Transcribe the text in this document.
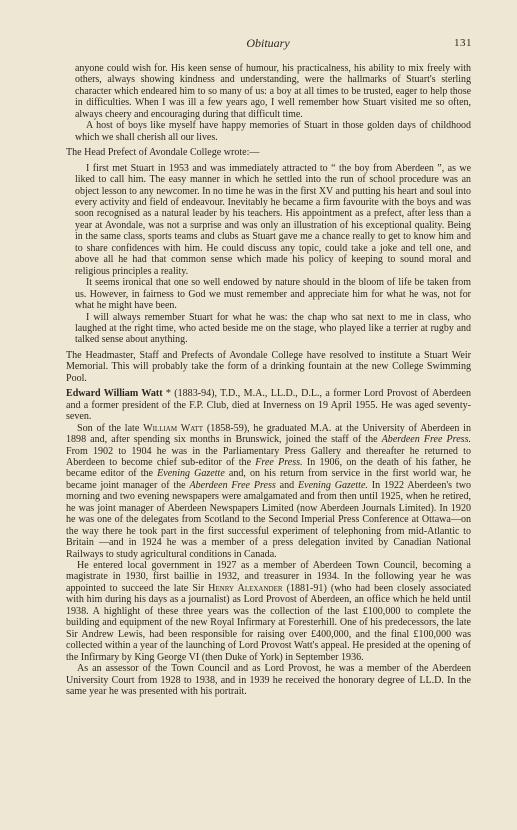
Obituary	131

anyone could wish for. His keen sense of humour, his practicalness, his ability to mix freely with others, always showing kindness and understanding, were the hallmarks of Stuart's sterling character which endeared him to so many of us: a boy at all times to be trusted, eager to help those in difficulties. When I was ill a few years ago, I well remember how Stuart visited me so often, always cheery and encouraging during that difficult time.

A host of boys like myself have happy memories of Stuart in those golden days of childhood which we shall cherish all our lives.

The Head Prefect of Avondale College wrote:—

I first met Stuart in 1953 and was immediately attracted to “ the boy from Aberdeen ”, as we liked to call him. The easy manner in which he settled into the run of school procedure was an object lesson to any newcomer. In no time he was in the first XV and putting his heart and soul into every activity and field of endeavour. Inevitably he became a firm favourite with the boys and was soon recognised as a natural leader by his teachers. His appointment as a prefect, after less than a year at Avondale, was not a surprise and was only an illustration of his exceptional quality. Being in the same class, sports teams and clubs as Stuart gave me a chance really to get to know him and to share confidences with him. He could discuss any topic, could take a joke and tell one, and above all he had that common sense which made his policy of keeping to sound moral and religious principles a reality.

It seems ironical that one so well endowed by nature should in the bloom of life be taken from us. However, in fairness to God we must remember and appreciate him for what he was, not for what he might have been.

I will always remember Stuart for what he was: the chap who sat next to me in class, who laughed at the right time, who acted beside me on the stage, who played like a terrier at rugby and talked sense about anything.

The Headmaster, Staff and Prefects of Avondale College have resolved to institute a Stuart Weir Memorial. This will probably take the form of a drinking fountain at the new College Swimming Pool.

Edward William Watt * (1883-94), T.D., M.A., LL.D., D.L., a former Lord Provost of Aberdeen and a former president of the F.P. Club, died at Inverness on 19 April 1955. He was aged seventy-seven.

Son of the late William Watt (1858-59), he graduated M.A. at the University of Aberdeen in 1898 and, after spending six months in Brunswick, joined the staff of the Aberdeen Free Press. From 1902 to 1904 he was in the Parliamentary Press Gallery and thereafter he returned to Aberdeen to become chief sub-editor of the Free Press. In 1906, on the death of his father, he became editor of the Evening Gazette and, on his return from service in the first world war, he became joint manager of the Aberdeen Free Press and Evening Gazette. In 1922 Aberdeen's two morning and two evening newspapers were amalgamated and from then until 1925, when he retired, he was joint manager of Aberdeen Newspapers Limited (now Aberdeen Journals Limited). In 1920 he was one of the delegates from Scotland to the Second Imperial Press Conference at Ottawa—on the way there he took part in the first successful experiment of telephoning from mid-Atlantic to Britain —and in 1924 he was a member of a press delegation invited by Canadian National Railways to study agricultural conditions in Canada.

He entered local government in 1927 as a member of Aberdeen Town Council, becoming a magistrate in 1930, first baillie in 1932, and treasurer in 1934. In the following year he was appointed to succeed the late Sir Henry Alexander (1881-91) (who had been closely associated with him during his days as a journalist) as Lord Provost of Aberdeen, an office which he held until 1938. A highlight of these three years was the collection of the last £100,000 to complete the building and equipment of the new Royal Infirmary at Foresterhill. One of his predecessors, the late Sir Andrew Lewis, had been responsible for raising over £400,000, and the final £100,000 was collected within a year of the launching of Lord Provost Watt's appeal. He presided at the opening of the Infirmary by King George VI (then Duke of York) in September 1936.

As an assessor of the Town Council and as Lord Provost, he was a member of the Aberdeen University Court from 1928 to 1938, and in 1939 he received the honorary degree of LL.D. In the same year he was presented with his portrait.
